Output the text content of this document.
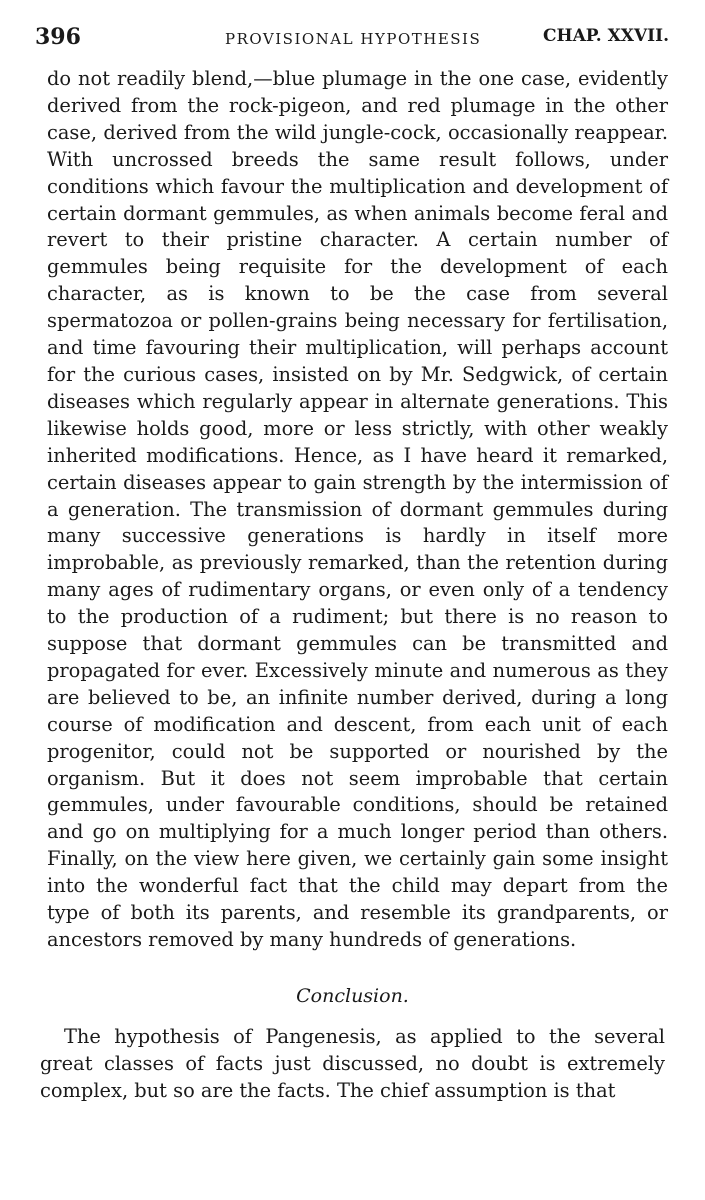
396	PROVISIONAL HYPOTHESIS	CHAP. XXVII.

do not readily blend,—blue plumage in the one case, evidently derived from the rock-pigeon, and red plumage in the other case, derived from the wild jungle-cock, occasionally reappear. With uncrossed breeds the same result follows, under conditions which favour the multiplication and development of certain dormant gemmules, as when animals become feral and revert to their pristine character. A certain number of gemmules being requisite for the development of each character, as is known to be the case from several spermatozoa or pollen-grains being necessary for fertilisation, and time favouring their multiplication, will perhaps account for the curious cases, insisted on by Mr. Sedgwick, of certain diseases which regularly appear in alternate generations. This likewise holds good, more or less strictly, with other weakly inherited modifications. Hence, as I have heard it remarked, certain diseases appear to gain strength by the intermission of a generation. The transmission of dormant gemmules during many successive generations is hardly in itself more improbable, as previously remarked, than the retention during many ages of rudimentary organs, or even only of a tendency to the production of a rudiment; but there is no reason to suppose that dormant gemmules can be transmitted and propagated for ever. Excessively minute and numerous as they are believed to be, an infinite number derived, during a long course of modification and descent, from each unit of each progenitor, could not be supported or nourished by the organism. But it does not seem improbable that certain gemmules, under favourable conditions, should be retained and go on multiplying for a much longer period than others. Finally, on the view here given, we certainly gain some insight into the wonderful fact that the child may depart from the type of both its parents, and resemble its grandparents, or ancestors removed by many hundreds of generations.

Conclusion.

The hypothesis of Pangenesis, as applied to the several great classes of facts just discussed, no doubt is extremely complex, but so are the facts. The chief assumption is that
